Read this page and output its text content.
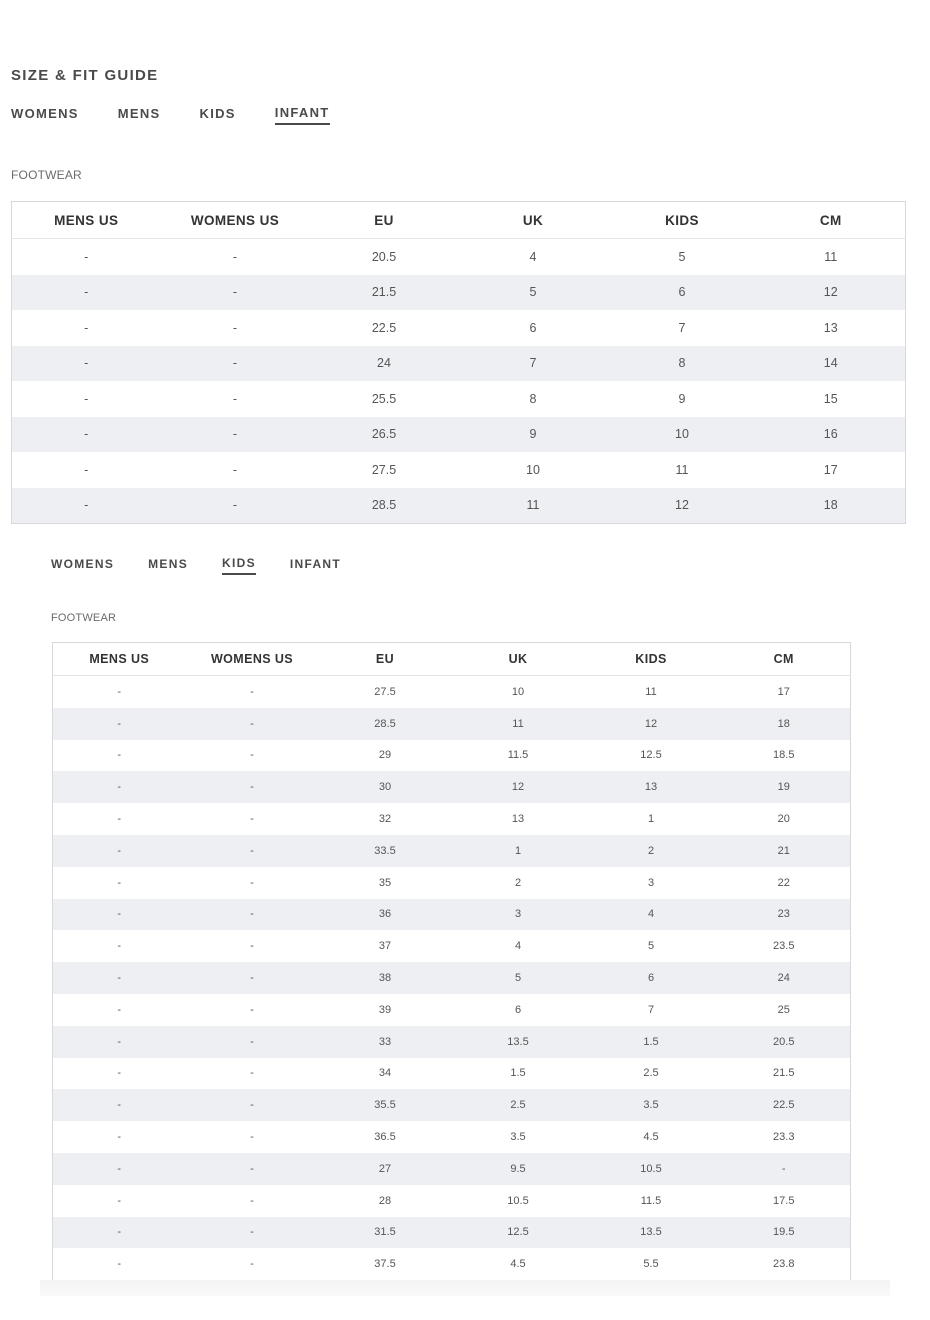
SIZE & FIT GUIDE
WOMENS	MENS	KIDS	INFANT
FOOTWEAR
MENS US	WOMENS US	EU	UK	KIDS	CM
-	-	20.5	4	5	11
-	-	21.5	5	6	12
-	-	22.5	6	7	13
-	-	24	7	8	14
-	-	25.5	8	9	15
-	-	26.5	9	10	16
-	-	27.5	10	11	17
-	-	28.5	11	12	18
WOMENS	MENS	KIDS	INFANT
FOOTWEAR
MENS US	WOMENS US	EU	UK	KIDS	CM
-	-	27.5	10	11	17
-	-	28.5	11	12	18
-	-	29	11.5	12.5	18.5
-	-	30	12	13	19
-	-	32	13	1	20
-	-	33.5	1	2	21
-	-	35	2	3	22
-	-	36	3	4	23
-	-	37	4	5	23.5
-	-	38	5	6	24
-	-	39	6	7	25
-	-	33	13.5	1.5	20.5
-	-	34	1.5	2.5	21.5
-	-	35.5	2.5	3.5	22.5
-	-	36.5	3.5	4.5	23.3
-	-	27	9.5	10.5	-
-	-	28	10.5	11.5	17.5
-	-	31.5	12.5	13.5	19.5
-	-	37.5	4.5	5.5	23.8
